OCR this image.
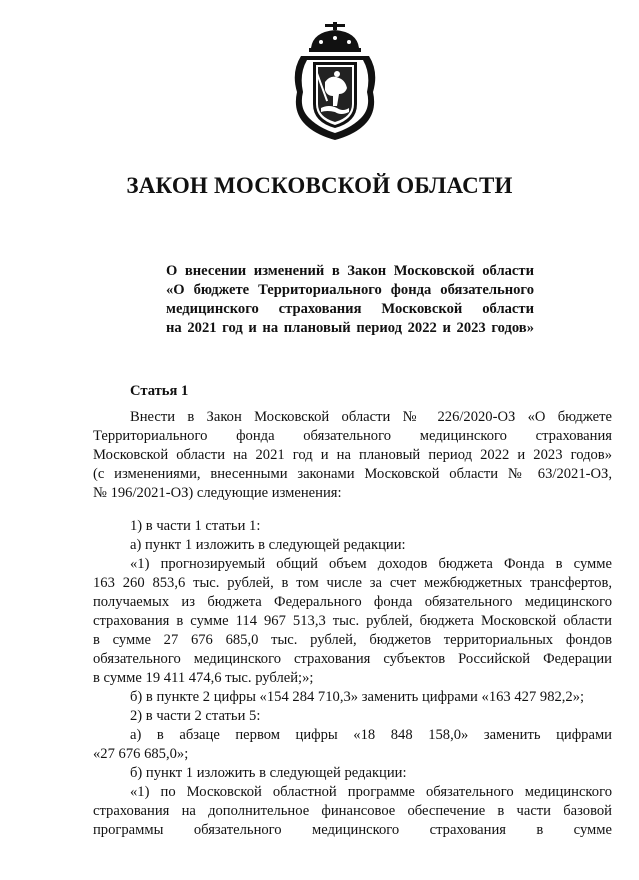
ЗАКОН МОСКОВСКОЙ ОБЛАСТИ
О внесении изменений в Закон Московской области
«О бюджете Территориального фонда обязательного
медицинского страхования Московской области
на 2021 год и на плановый период 2022 и 2023 годов»
Статья 1
Внести в Закон Московской области № 226/2020-ОЗ «О бюджете
Территориального фонда обязательного медицинского страхования
Московской области на 2021 год и на плановый период 2022 и 2023 годов»
(с изменениями, внесенными законами Московской области № 63/2021-ОЗ,
№ 196/2021-ОЗ) следующие изменения:
1) в части 1 статьи 1:
а) пункт 1 изложить в следующей редакции:
«1) прогнозируемый общий объем доходов бюджета Фонда в сумме
163 260 853,6 тыс. рублей, в том числе за счет межбюджетных трансфертов,
получаемых из бюджета Федерального фонда обязательного медицинского
страхования в сумме 114 967 513,3 тыс. рублей, бюджета Московской области
в сумме 27 676 685,0 тыс. рублей, бюджетов территориальных фондов
обязательного медицинского страхования субъектов Российской Федерации
в сумме 19 411 474,6 тыс. рублей;»;
б) в пункте 2 цифры «154 284 710,3» заменить цифрами «163 427 982,2»;
2) в части 2 статьи 5:
а) в абзаце первом цифры «18 848 158,0» заменить цифрами
«27 676 685,0»;
б) пункт 1 изложить в следующей редакции:
«1) по Московской областной программе обязательного медицинского
страхования на дополнительное финансовое обеспечение в части базовой
программы обязательного медицинского страхования в сумме
